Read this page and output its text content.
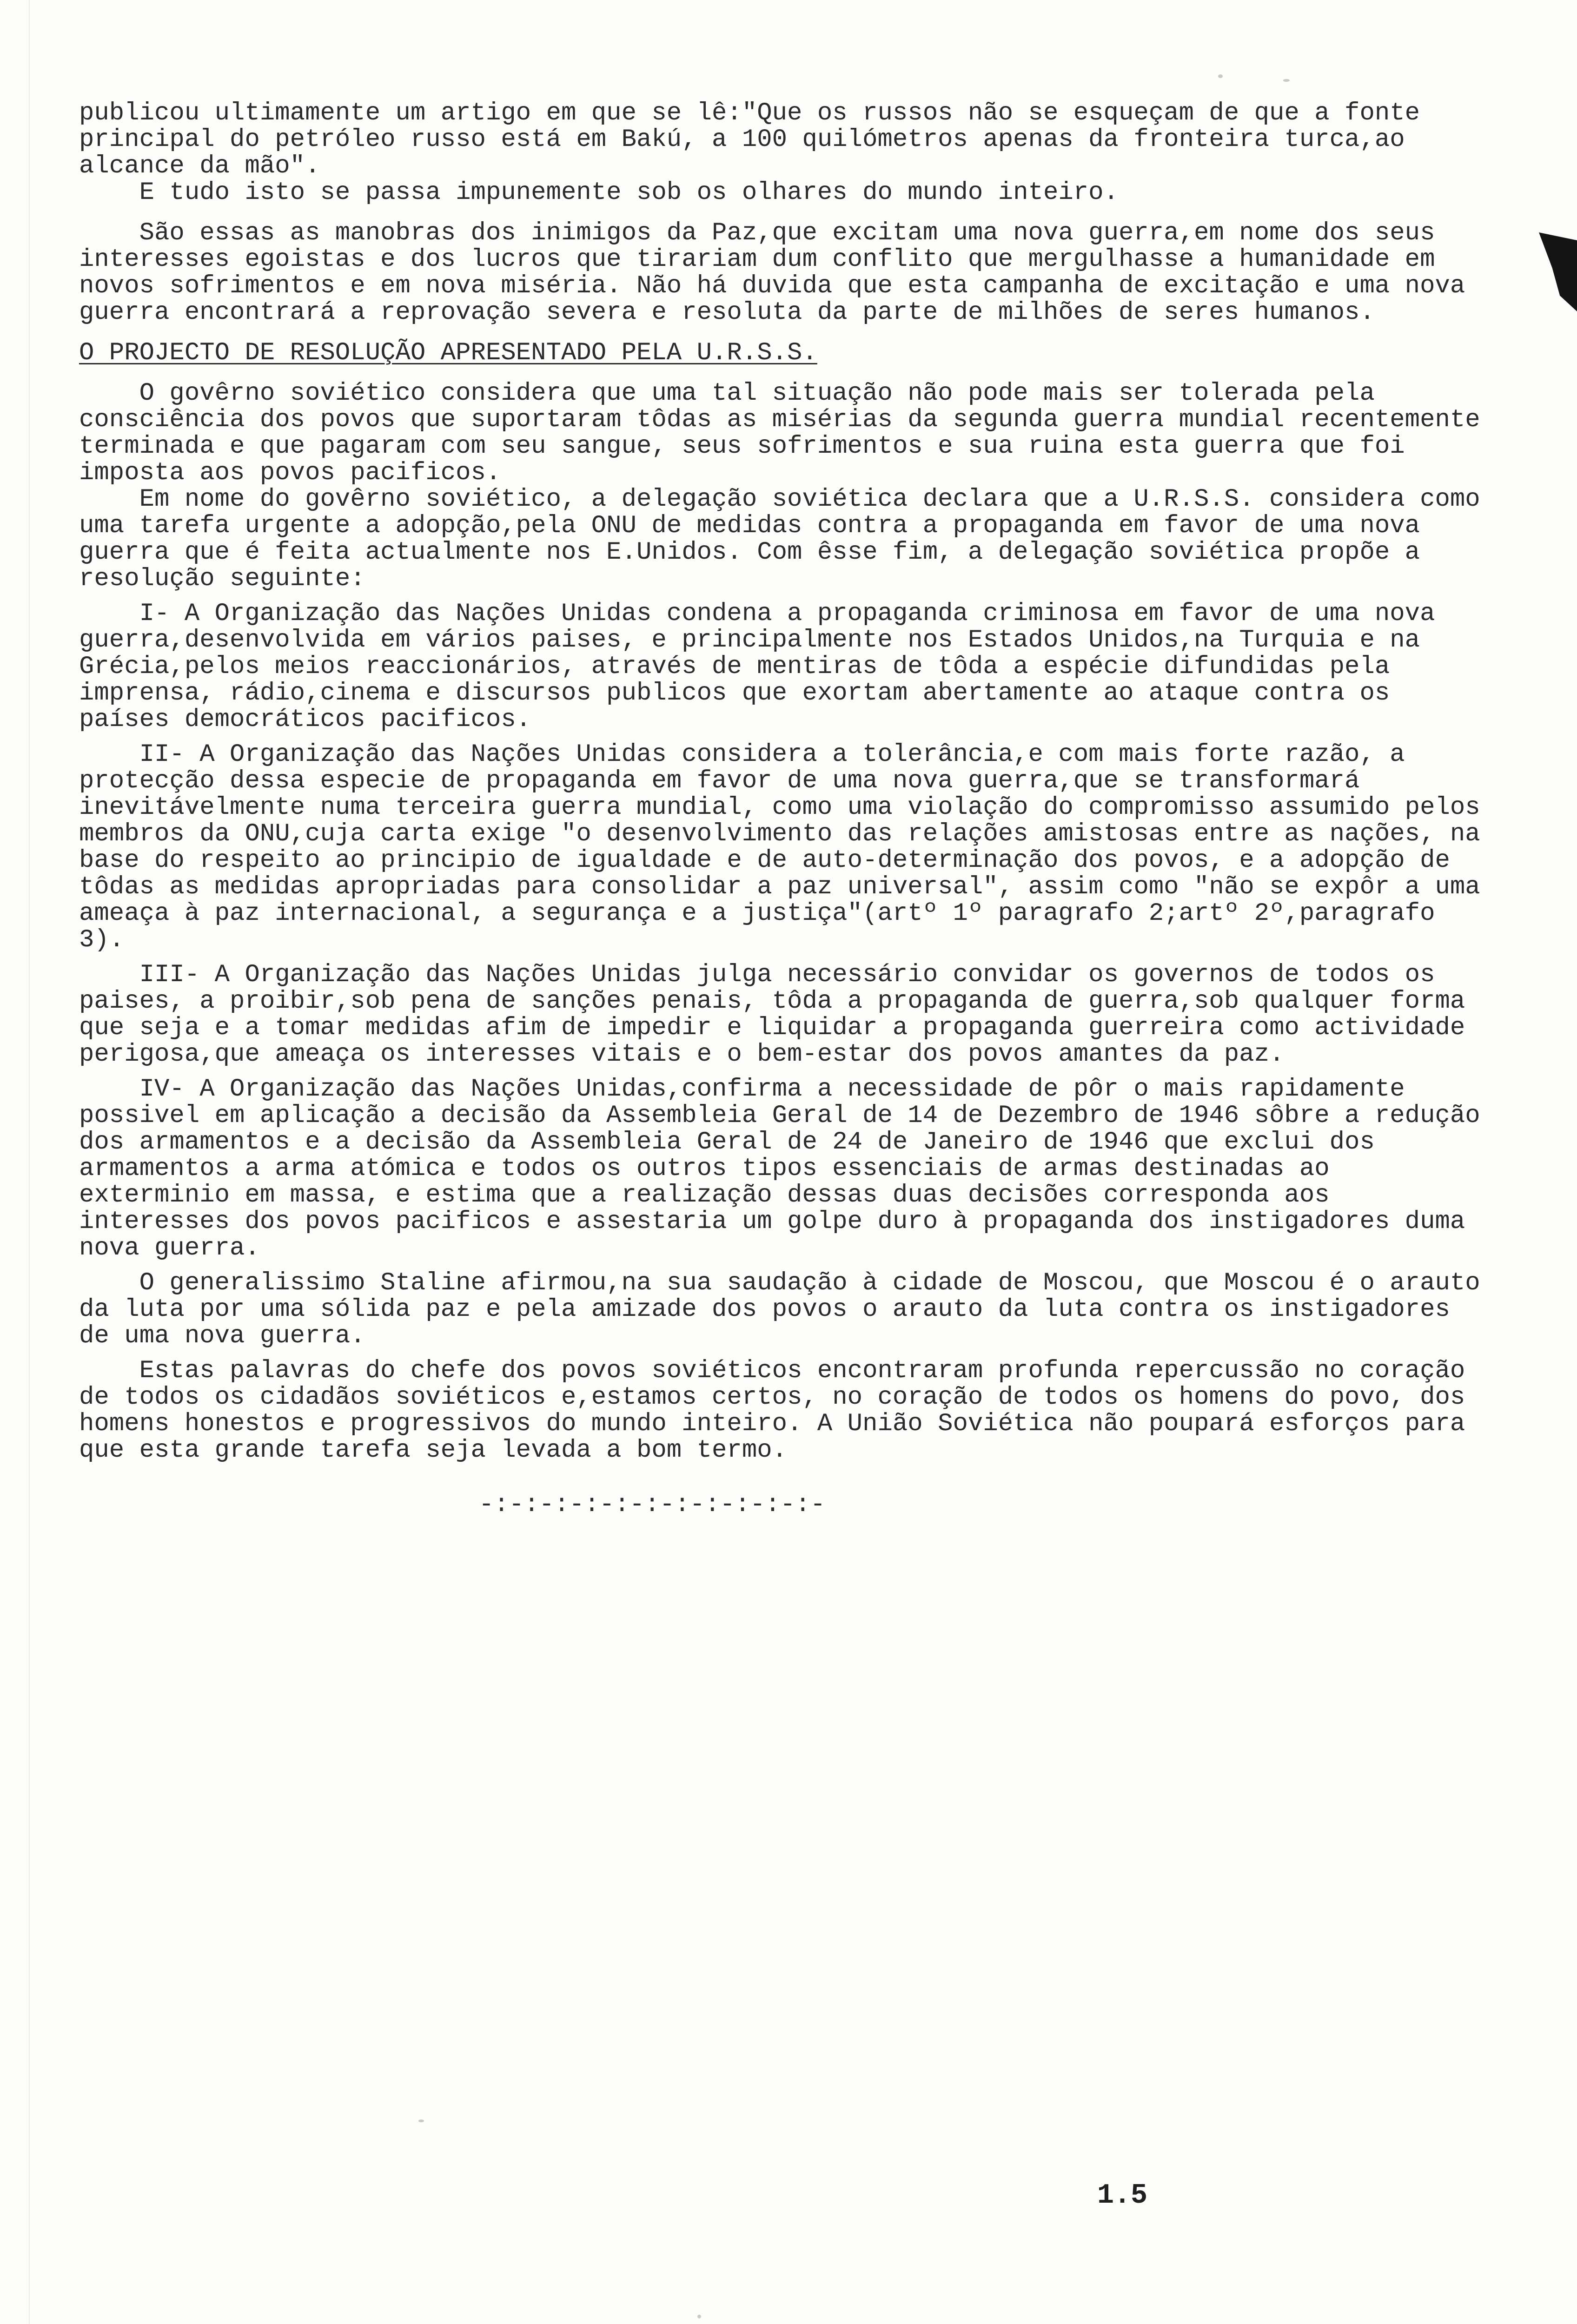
publicou ultimamente um artigo em que se lê:"Que os russos não se esqueçam de que a fonte principal do petróleo russo está em Bakú, a 100 quilómetros apenas da fronteira turca,ao alcance da mão".

E tudo isto se passa impunemente sob os olhares do mundo inteiro.

São essas as manobras dos inimigos da Paz,que excitam uma nova guerra,em nome dos seus interesses egoistas e dos lucros que tirariam dum conflito que mergulhasse a humanidade em novos sofrimentos e em nova miséria. Não há duvida que esta campanha de excitação e uma nova guerra encontrará a reprovação severa e resoluta da parte de milhões de seres humanos.

O PROJECTO DE RESOLUÇÃO APRESENTADO PELA U.R.S.S.

O govêrno soviético considera que uma tal situação não pode mais ser tolerada pela consciência dos povos que suportaram tôdas as misérias da segunda guerra mundial recentemente terminada e que pagaram com seu sangue, seus sofrimentos e sua ruina esta guerra que foi imposta aos povos pacificos.

Em nome do govêrno soviético, a delegação soviética declara que a U.R.S.S. considera como uma tarefa urgente a adopção,pela ONU de medidas contra a propaganda em favor de uma nova guerra que é feita actualmente nos E.Unidos. Com êsse fim, a delegação soviética propõe a resolução seguinte:

I- A Organização das Nações Unidas condena a propaganda criminosa em favor de uma nova guerra,desenvolvida em vários paises, e principalmente nos Estados Unidos,na Turquia e na Grécia,pelos meios reaccionários, através de mentiras de tôda a espécie difundidas pela imprensa, rádio,cinema e discursos publicos que exortam abertamente ao ataque contra os países democráticos pacificos.

II- A Organização das Nações Unidas considera a tolerância,e com mais forte razão, a protecção dessa especie de propaganda em favor de uma nova guerra,que se transformará inevitávelmente numa terceira guerra mundial, como uma violação do compromisso assumido pelos membros da ONU,cuja carta exige "o desenvolvimento das relações amistosas entre as nações, na base do respeito ao principio de igualdade e de auto-determinação dos povos, e a adopção de tôdas as medidas apropriadas para consolidar a paz universal", assim como "não se expôr a uma ameaça à paz internacional, a segurança e a justiça"(artº 1º paragrafo 2;artº 2º,paragrafo 3).

III- A Organização das Nações Unidas julga necessário convidar os governos de todos os paises, a proibir,sob pena de sanções penais, tôda a propaganda de guerra,sob qualquer forma que seja e a tomar medidas afim de impedir e liquidar a propaganda guerreira como actividade perigosa,que ameaça os interesses vitais e o bem-estar dos povos amantes da paz.

IV- A Organização das Nações Unidas,confirma a necessidade de pôr o mais rapidamente possivel em aplicação a decisão da Assembleia Geral de 14 de Dezembro de 1946 sôbre a redução dos armamentos e a decisão da Assembleia Geral de 24 de Janeiro de 1946 que exclui dos armamentos a arma atómica e todos os outros tipos essenciais de armas destinadas ao exterminio em massa, e estima que a realização dessas duas decisões corresponda aos interesses dos povos pacificos e assestaria um golpe duro à propaganda dos instigadores duma nova guerra.

O generalissimo Staline afirmou,na sua saudação à cidade de Moscou, que Moscou é o arauto da luta por uma sólida paz e pela amizade dos povos o arauto da luta contra os instigadores de uma nova guerra.

Estas palavras do chefe dos povos soviéticos encontraram profunda repercussão no coração de todos os cidadãos soviéticos e,estamos certos, no coração de todos os homens do povo, dos homens honestos e progressivos do mundo inteiro. A União Soviética não poupará esforços para que esta grande tarefa seja levada a bom termo.

-:-:-:-:-:-:-:-:-:-:-:-

1.5
